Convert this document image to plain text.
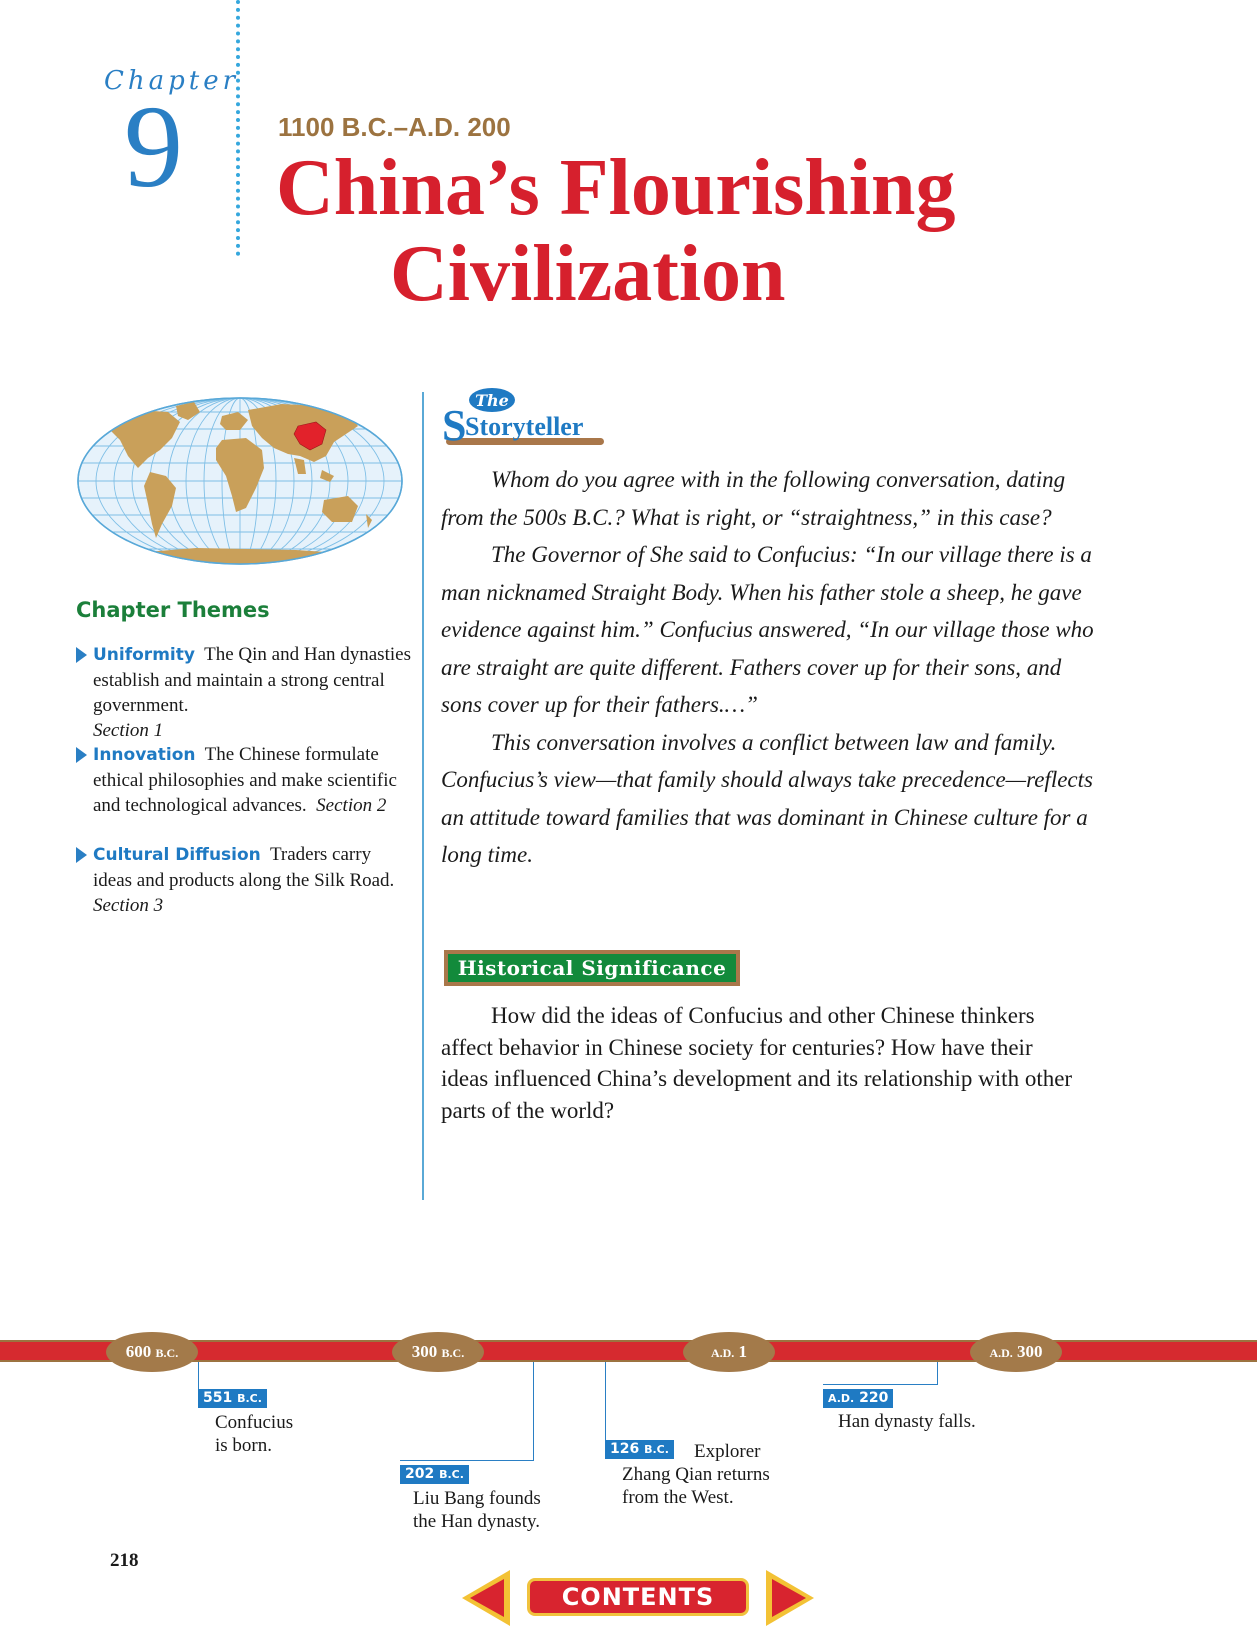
Chapter
9	1100 B.C.–A.D. 200
China’s Flourishing
Civilization
Chapter Themes
Uniformity The Qin and Han dynasties establish and maintain a strong central government.
Section 1
Innovation The Chinese formulate ethical philosophies and make scientific and technological advances. Section 2
Cultural Diffusion Traders carry ideas and products along the Silk Road.  Section 3
The
S
Storyteller

Whom do you agree with in the following conversation, dating from the 500s B.C.? What is right, or “straightness,” in this case?

The Governor of She said to Confucius: “In our village there is a man nicknamed Straight Body. When his father stole a sheep, he gave evidence against him.” Confucius answered, “In our village those who are straight are quite different. Fathers cover up for their sons, and sons cover up for their fathers.…”

This conversation involves a conflict between law and family. Confucius’s view—that family should always take precedence—reflects an attitude toward families that was dominant in Chinese culture for a long time.

Historical Significance

How did the ideas of Confucius and other Chinese thinkers affect behavior in Chinese society for centuries? How have their ideas influenced China’s development and its relationship with other parts of the world?

600 B.C.	300 B.C.	A.D. 1	A.D. 300
551 B.C.
Confucius
is born.
202 B.C.
Liu Bang founds
the Han dynasty.
126 B.C. Explorer
Zhang Qian returns
from the West.
A.D. 220
Han dynasty falls.
218
CONTENTS
